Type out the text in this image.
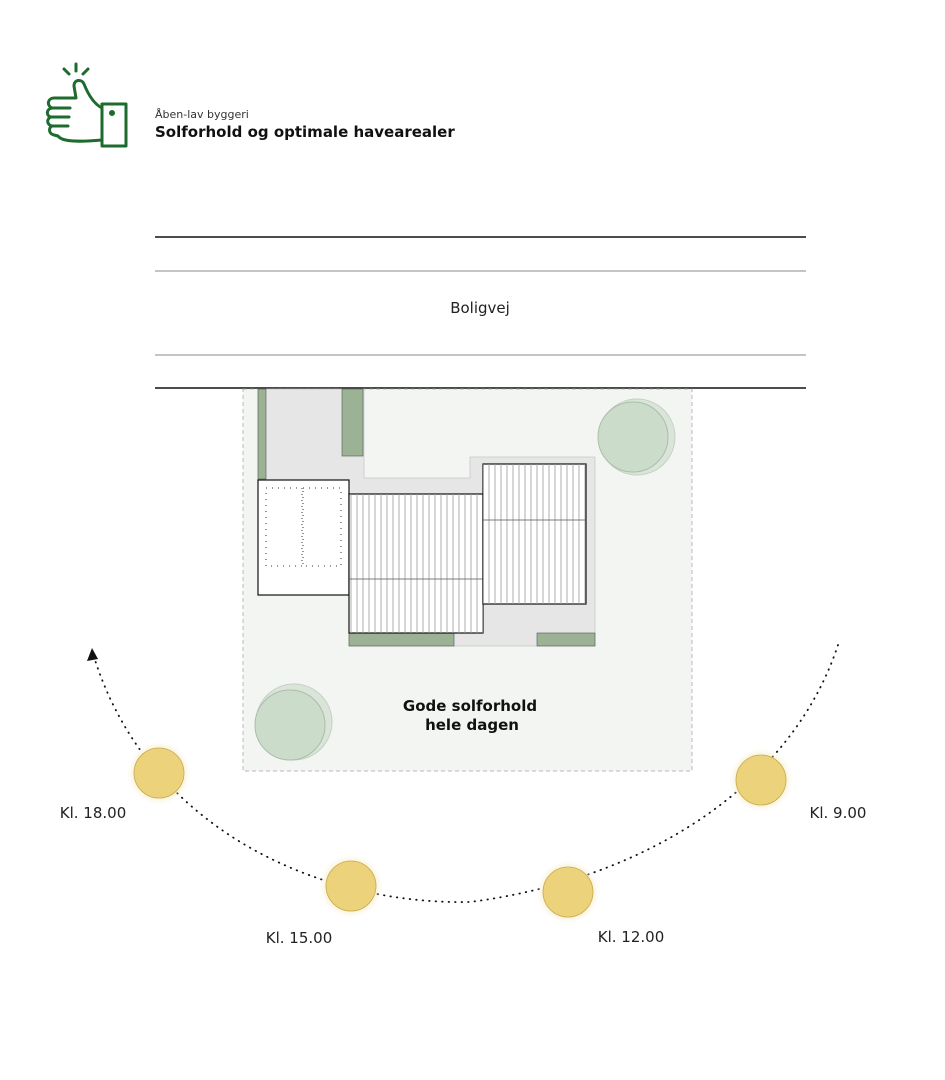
Åben-lav byggeri
Solforhold og optimale havearealer
Boligvej
Gode solforhold
hele dagen
Kl. 9.00
Kl. 12.00
Kl. 15.00
Kl. 18.00
